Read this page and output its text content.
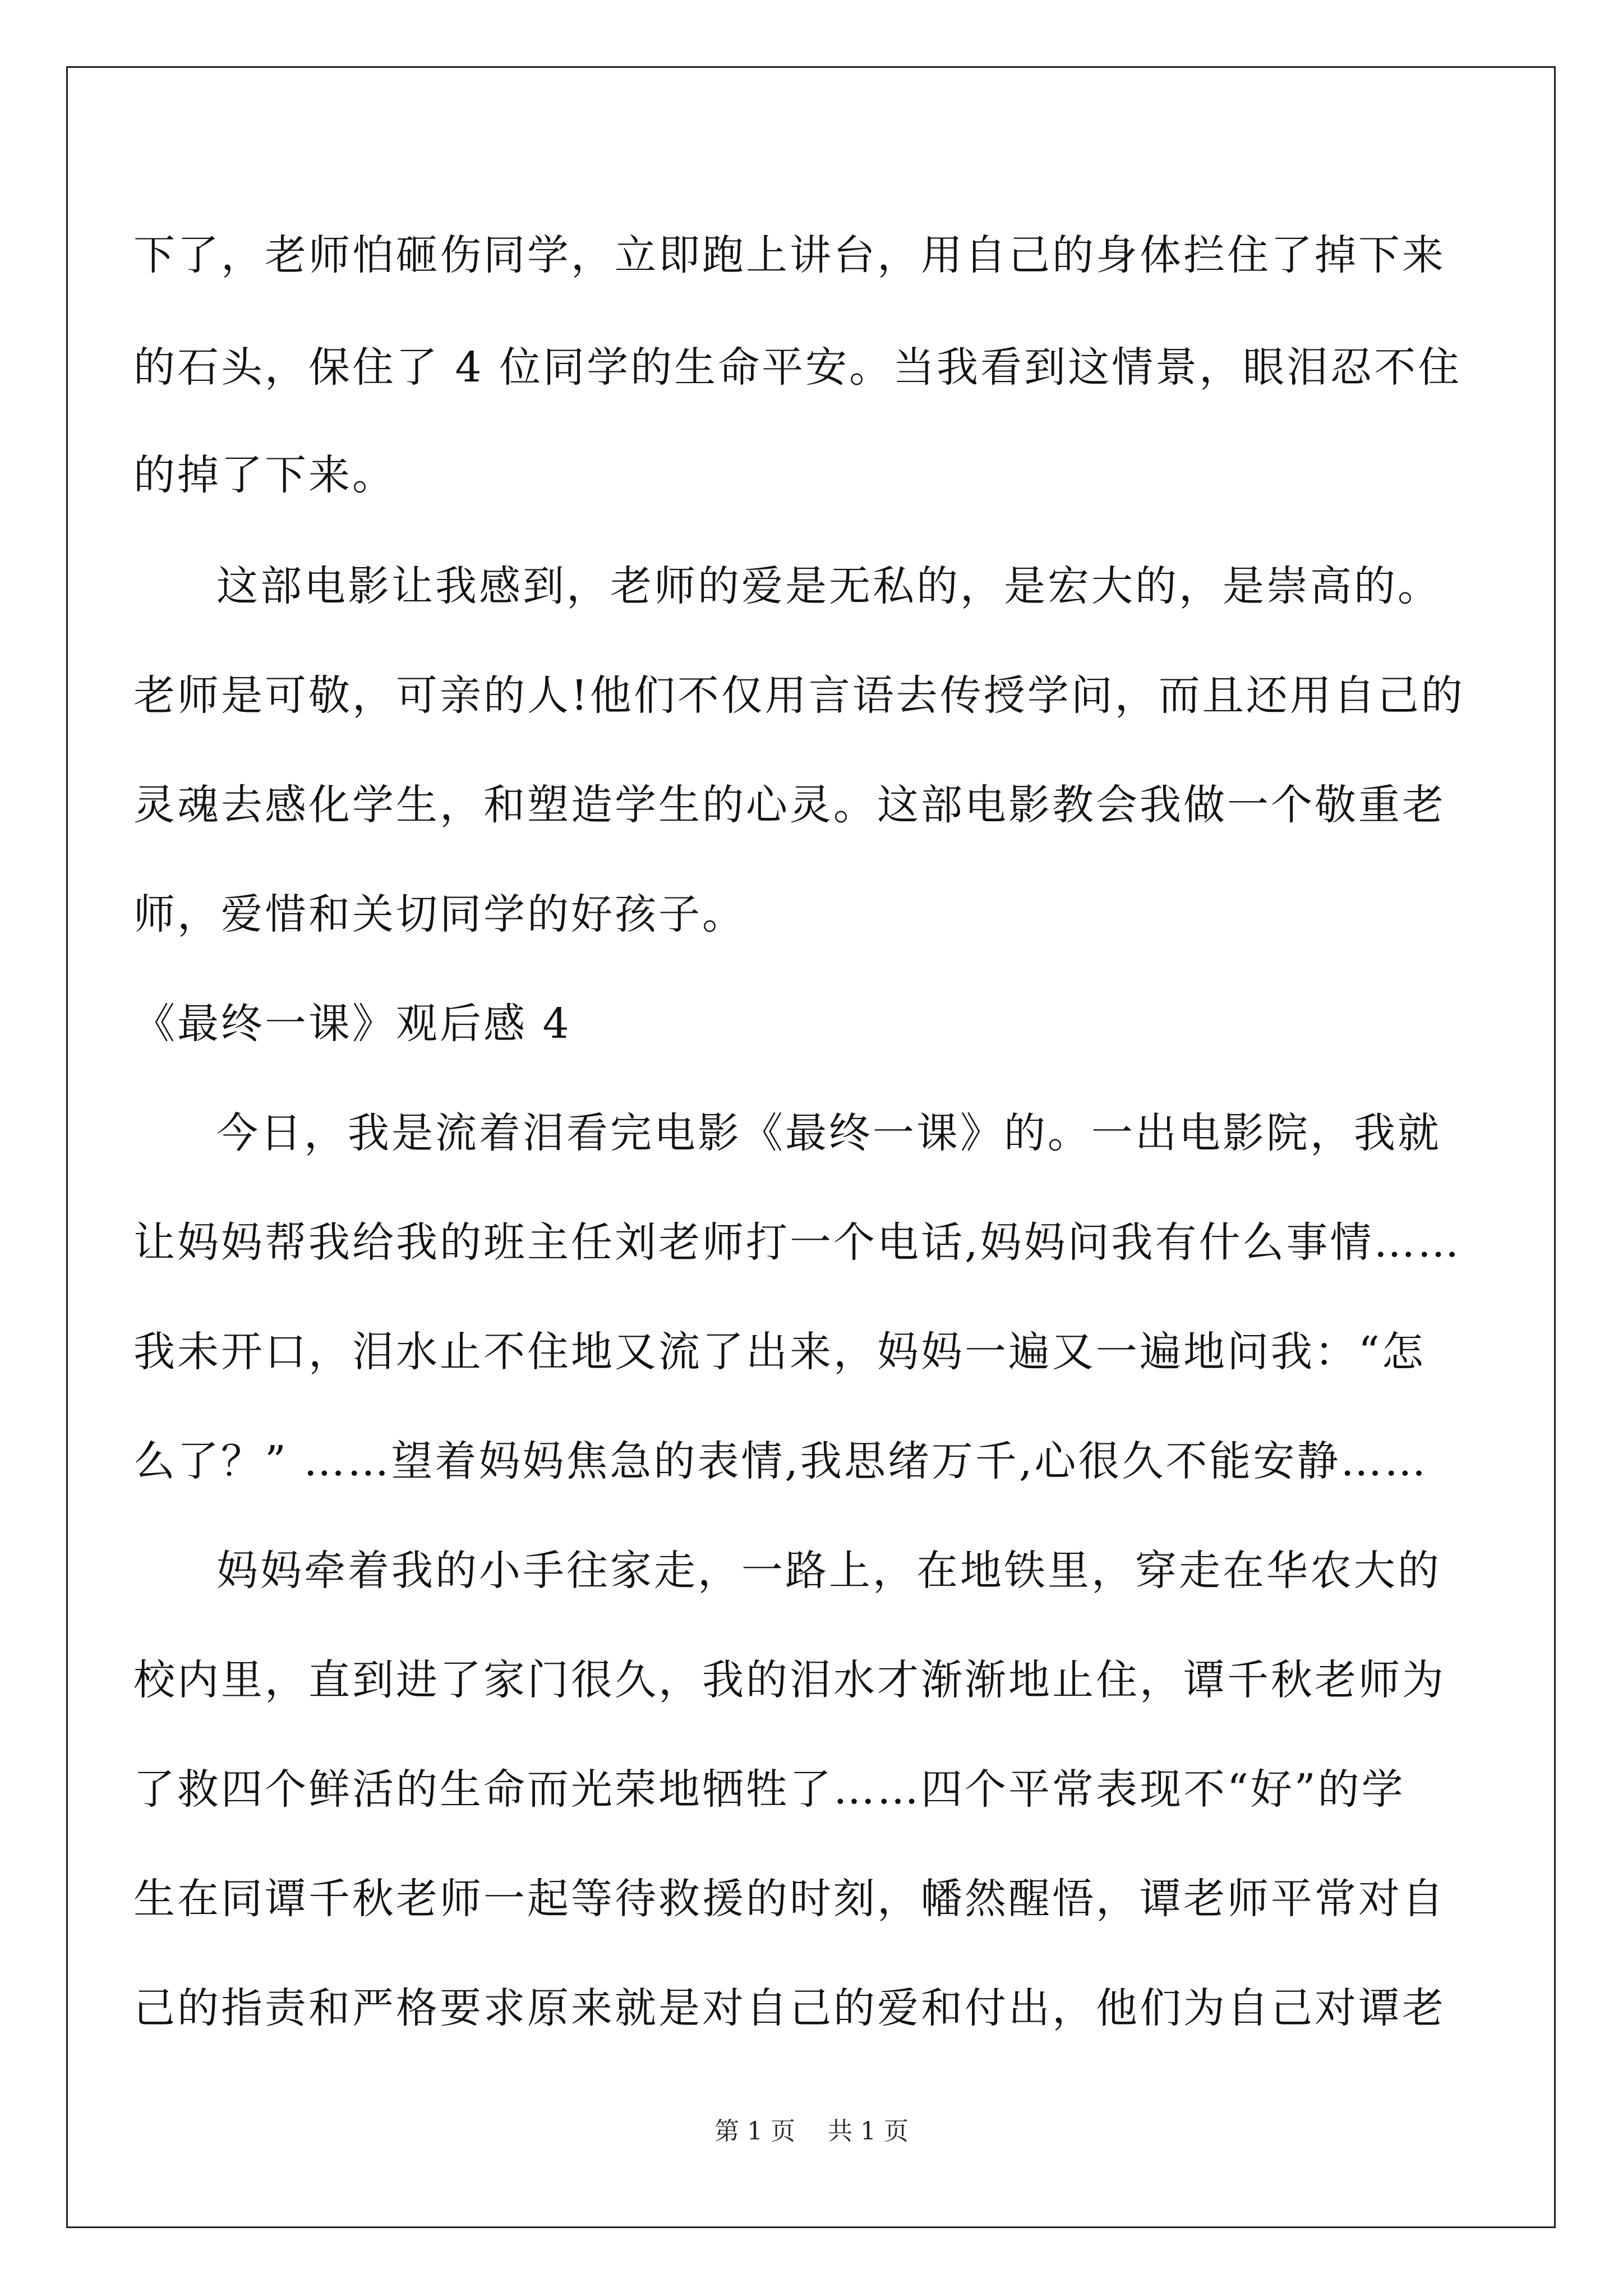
下了，老师怕砸伤同学，立即跑上讲台，用自己的身体拦住了掉下来
的石头，保住了 4 位同学的生命平安。当我看到这情景，眼泪忍不住
的掉了下来。
这部电影让我感到，老师的爱是无私的，是宏大的，是崇高的。
老师是可敬，可亲的人!他们不仅用言语去传授学问，而且还用自己的
灵魂去感化学生，和塑造学生的心灵。这部电影教会我做一个敬重老
师，爱惜和关切同学的好孩子。
《最终一课》观后感 4
今日，我是流着泪看完电影《最终一课》的。一出电影院，我就
让妈妈帮我给我的班主任刘老师打一个电话,妈妈问我有什么事情……
我未开口，泪水止不住地又流了出来，妈妈一遍又一遍地问我：“怎
么了？” ……望着妈妈焦急的表情,我思绪万千,心很久不能安静……
妈妈牵着我的小手往家走，一路上，在地铁里，穿走在华农大的
校内里，直到进了家门很久，我的泪水才渐渐地止住，谭千秋老师为
了救四个鲜活的生命而光荣地牺牲了……四个平常表现不“好”的学
生在同谭千秋老师一起等待救援的时刻，幡然醒悟，谭老师平常对自
己的指责和严格要求原来就是对自己的爱和付出，他们为自己对谭老
第 1 页 共 1 页
